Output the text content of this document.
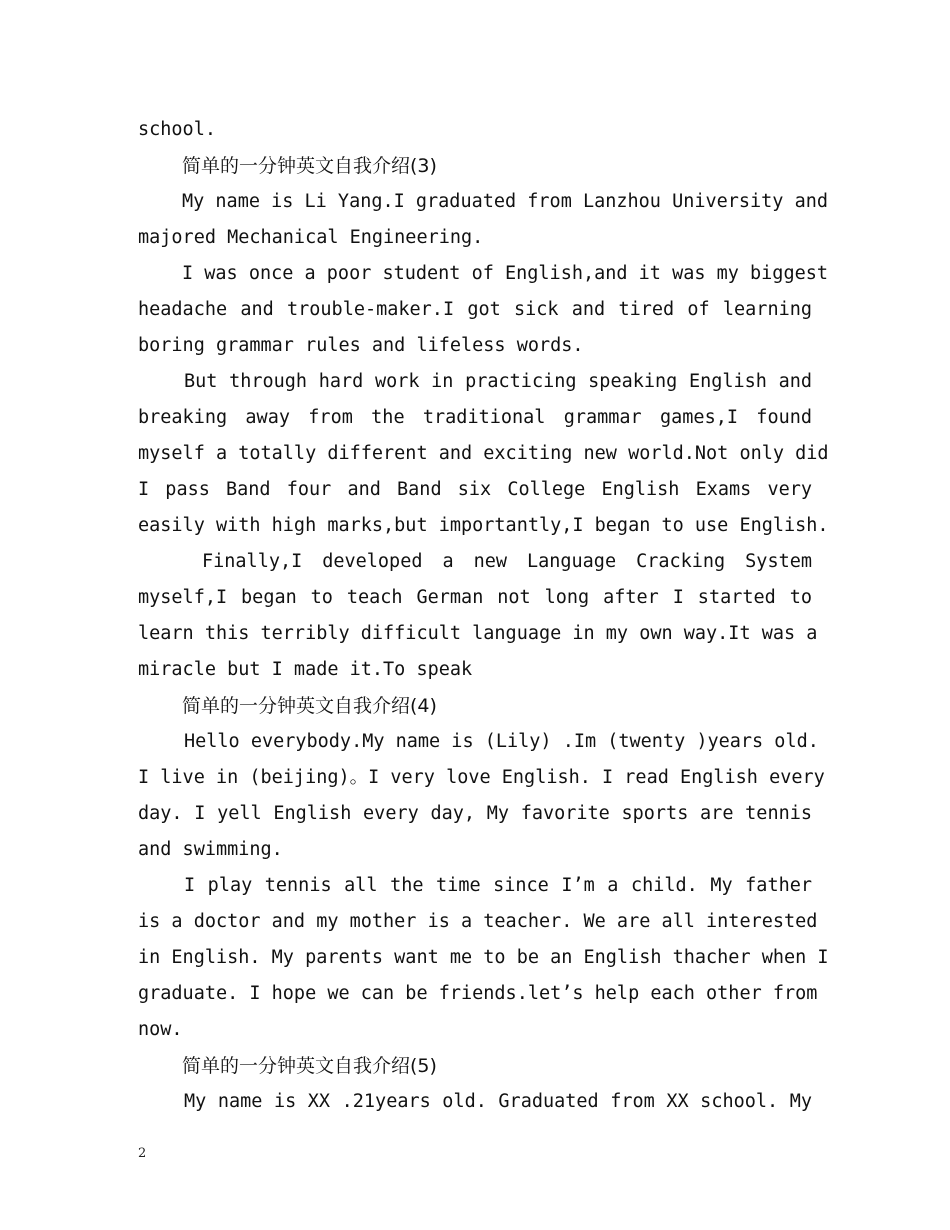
school.
简单的一分钟英文自我介绍(3)
My name is Li Yang.I graduated from Lanzhou University and
majored Mechanical Engineering.
I was once a poor student of English,and it was my biggest
headache and trouble-maker.I got sick and tired of learning
boring grammar rules and lifeless words.
But through hard work in practicing speaking English and
breaking away from the traditional grammar games,I found
myself a totally different and exciting new world.Not only did
I pass Band four and Band six College English Exams very
easily with high marks,but importantly,I began to use English.
Finally,I developed a new Language Cracking System
myself,I began to teach German not long after I started to
learn this terribly difficult language in my own way.It was a
miracle but I made it.To speak
简单的一分钟英文自我介绍(4)
Hello everybody.My name is (Lily) .Im (twenty )years old.
I live in (beijing)。I very love English. I read English every
day. I yell English every day, My favorite sports are tennis
and swimming.
I play tennis all the time since I’m a child. My father
is a doctor and my mother is a teacher. We are all interested
in English. My parents want me to be an English thacher when I
graduate. I hope we can be friends.let’s help each other from
now.
简单的一分钟英文自我介绍(5)
My name is XX .21years old. Graduated from XX school. My
2
